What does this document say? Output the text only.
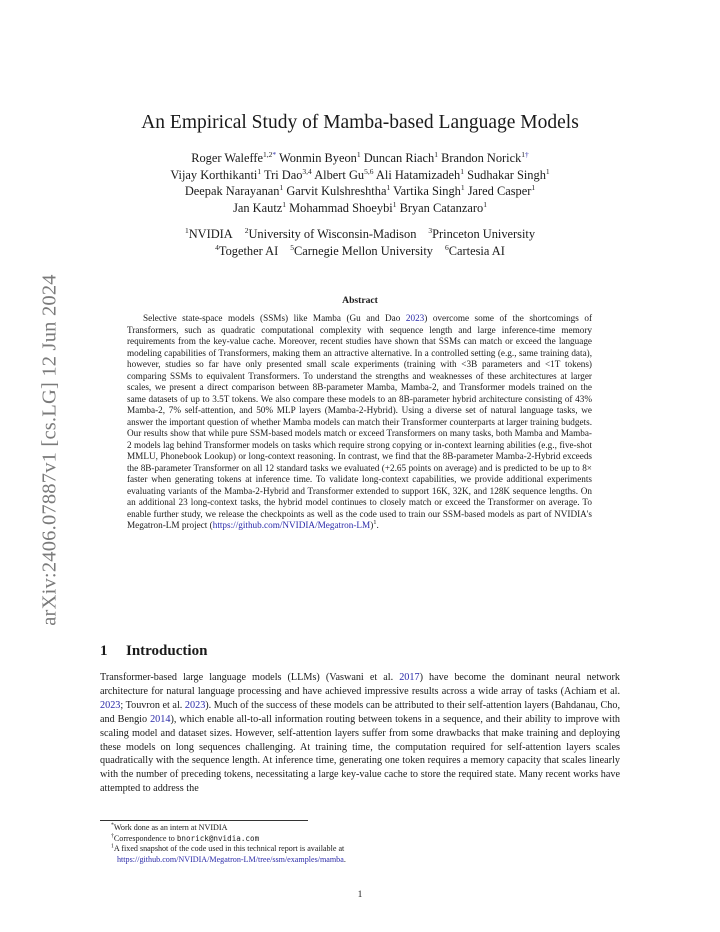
arXiv:2406.07887v1 [cs.LG] 12 Jun 2024
An Empirical Study of Mamba-based Language Models
Roger Waleffe$^{1,2*}$ Wonmin Byeon$^1$ Duncan Riach$^1$ Brandon Norick$^{1\dagger}$
Vijay Korthikanti$^1$ Tri Dao$^{3,4}$ Albert Gu$^{5,6}$ Ali Hatamizadeh$^1$ Sudhakar Singh$^1$
Deepak Narayanan$^1$ Garvit Kulshreshtha$^1$ Vartika Singh$^1$ Jared Casper$^1$
Jan Kautz$^1$ Mohammad Shoeybi$^1$ Bryan Catanzaro$^1$
$^1$NVIDIA $^2$University of Wisconsin-Madison $^3$Princeton University
$^4$Together AI $^5$Carnegie Mellon University $^6$Cartesia AI
Abstract
Selective state-space models (SSMs) like Mamba (Gu and Dao 2023) overcome some of the shortcomings of Transformers, such as quadratic computational complexity with sequence length and large inference-time memory requirements from the key-value cache. Moreover, recent studies have shown that SSMs can match or exceed the language modeling capabilities of Transformers, making them an attractive alternative. In a controlled setting (e.g., same training data), however, studies so far have only presented small scale experiments (training with <3B parameters and <1T tokens) comparing SSMs to equivalent Transformers. To understand the strengths and weaknesses of these architectures at larger scales, we present a direct comparison between 8B-parameter Mamba, Mamba-2, and Transformer models trained on the same datasets of up to 3.5T tokens. We also compare these models to an 8B-parameter hybrid architecture consisting of 43% Mamba-2, 7% self-attention, and 50% MLP layers (Mamba-2-Hybrid). Using a diverse set of natural language tasks, we answer the important question of whether Mamba models can match their Transformer counterparts at larger training budgets. Our results show that while pure SSM-based models match or exceed Transformers on many tasks, both Mamba and Mamba-2 models lag behind Transformer models on tasks which require strong copying or in-context learning abilities (e.g., five-shot MMLU, Phonebook Lookup) or long-context reasoning. In contrast, we find that the 8B-parameter Mamba-2-Hybrid exceeds the 8B-parameter Transformer on all 12 standard tasks we evaluated (+2.65 points on average) and is predicted to be up to 8× faster when generating tokens at inference time. To validate long-context capabilities, we provide additional experiments evaluating variants of the Mamba-2-Hybrid and Transformer extended to support 16K, 32K, and 128K sequence lengths. On an additional 23 long-context tasks, the hybrid model continues to closely match or exceed the Transformer on average. To enable further study, we release the checkpoints as well as the code used to train our SSM-based models as part of NVIDIA's Megatron-LM project (https://github.com/NVIDIA/Megatron-LM)$^1$.
1 Introduction
Transformer-based large language models (LLMs) (Vaswani et al. 2017) have become the dominant neural network architecture for natural language processing and have achieved impressive results across a wide array of tasks (Achiam et al. 2023; Touvron et al. 2023). Much of the success of these models can be attributed to their self-attention layers (Bahdanau, Cho, and Bengio 2014), which enable all-to-all information routing between tokens in a sequence, and their ability to improve with scaling model and dataset sizes. However, self-attention layers suffer from some drawbacks that make training and deploying these models on long sequences challenging. At training time, the computation required for self-attention layers scales quadratically with the sequence length. At inference time, generating one token requires a memory capacity that scales linearly with the number of preceding tokens, necessitating a large key-value cache to store the required state. Many recent works have attempted to address the
*Work done as an intern at NVIDIA
†Correspondence to bnorick@nvidia.com
$^1$A fixed snapshot of the code used in this technical report is available at
https://github.com/NVIDIA/Megatron-LM/tree/ssm/examples/mamba.
1
